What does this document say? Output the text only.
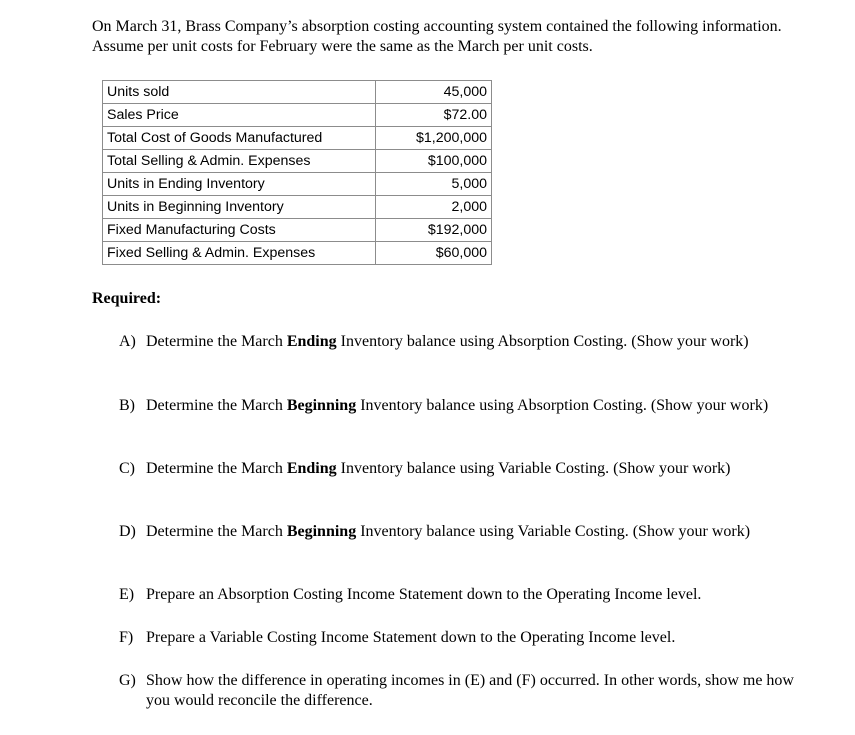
On March 31, Brass Company’s absorption costing accounting system contained the following information. Assume per unit costs for February were the same as the March per unit costs.
Units sold	45,000
Sales Price	$72.00
Total Cost of Goods Manufactured	$1,200,000
Total Selling & Admin. Expenses	$100,000
Units in Ending Inventory	5,000
Units in Beginning Inventory	2,000
Fixed Manufacturing Costs	$192,000
Fixed Selling & Admin. Expenses	$60,000
Required:
A) Determine the March Ending Inventory balance using Absorption Costing. (Show your work)
B) Determine the March Beginning Inventory balance using Absorption Costing. (Show your work)
C) Determine the March Ending Inventory balance using Variable Costing. (Show your work)
D) Determine the March Beginning Inventory balance using Variable Costing. (Show your work)
E) Prepare an Absorption Costing Income Statement down to the Operating Income level.
F) Prepare a Variable Costing Income Statement down to the Operating Income level.
G) Show how the difference in operating incomes in (E) and (F) occurred. In other words, show me how you would reconcile the difference.
